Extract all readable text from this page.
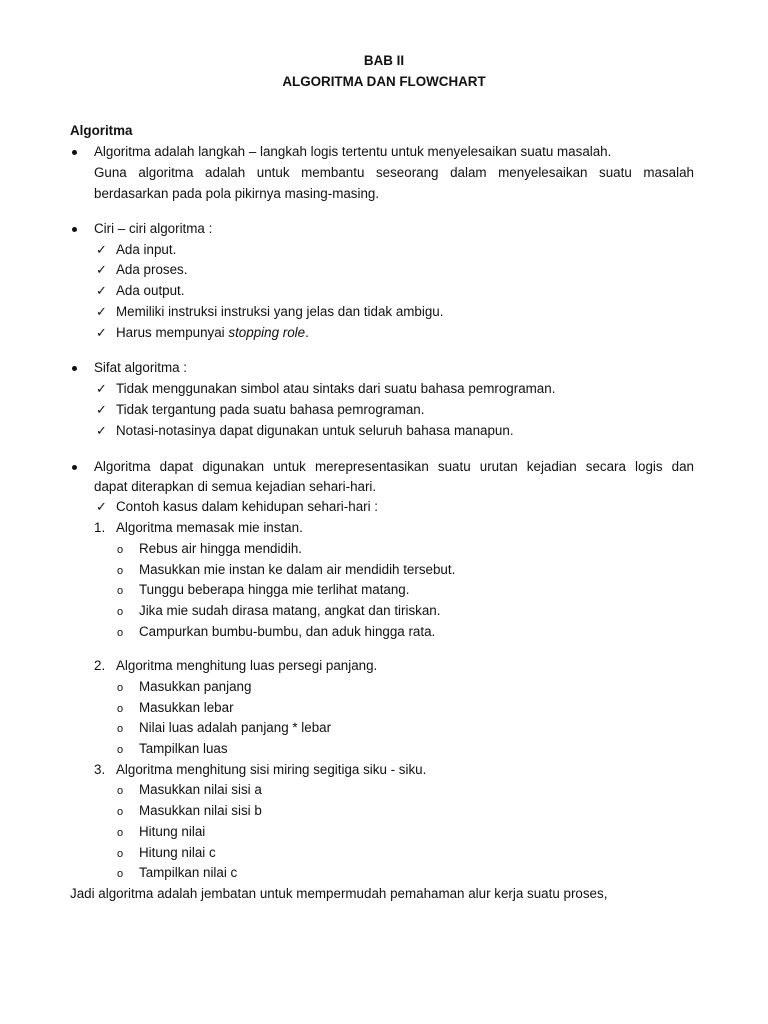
BAB II
ALGORITMA DAN FLOWCHART
Algoritma
Algoritma adalah langkah – langkah logis tertentu untuk menyelesaikan suatu masalah.
Guna algoritma adalah untuk membantu seseorang dalam menyelesaikan suatu masalah
berdasarkan pada pola pikirnya masing-masing.
Ciri – ciri algoritma :
✓ Ada input.
✓ Ada proses.
✓ Ada output.
✓ Memiliki instruksi instruksi yang jelas dan tidak ambigu.
✓ Harus mempunyai stopping role.
Sifat algoritma :
✓ Tidak menggunakan simbol atau sintaks dari suatu bahasa pemrograman.
✓ Tidak tergantung pada suatu bahasa pemrograman.
✓ Notasi-notasinya dapat digunakan untuk seluruh bahasa manapun.
Algoritma dapat digunakan untuk merepresentasikan suatu urutan kejadian secara logis dan
dapat diterapkan di semua kejadian sehari-hari.
✓ Contoh kasus dalam kehidupan sehari-hari :
1. Algoritma memasak mie instan.
o Rebus air hingga mendidih.
o Masukkan mie instan ke dalam air mendidih tersebut.
o Tunggu beberapa hingga mie terlihat matang.
o Jika mie sudah dirasa matang, angkat dan tiriskan.
o Campurkan bumbu-bumbu, dan aduk hingga rata.
2. Algoritma menghitung luas persegi panjang.
o Masukkan panjang
o Masukkan lebar
o Nilai luas adalah panjang * lebar
o Tampilkan luas
3. Algoritma menghitung sisi miring segitiga siku - siku.
o Masukkan nilai sisi a
o Masukkan nilai sisi b
o Hitung nilai
o Hitung nilai c
o Tampilkan nilai c
Jadi algoritma adalah jembatan untuk mempermudah pemahaman alur kerja suatu proses,
